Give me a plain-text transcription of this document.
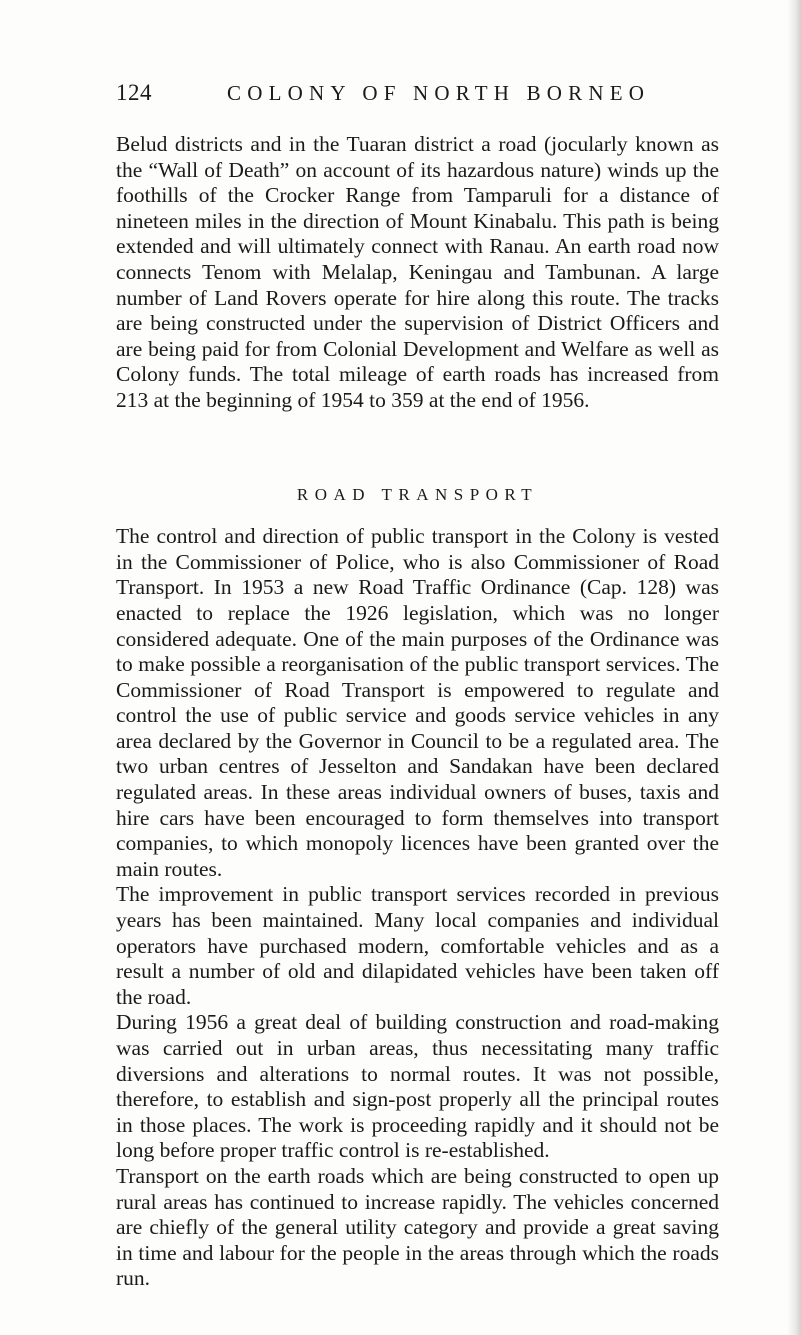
124	COLONY OF NORTH BORNEO

Belud districts and in the Tuaran district a road (jocularly known as the “Wall of Death” on account of its hazardous nature) winds up the foothills of the Crocker Range from Tamparuli for a distance of nineteen miles in the direction of Mount Kinabalu. This path is being extended and will ultimately connect with Ranau. An earth road now connects Tenom with Melalap, Keningau and Tambunan. A large number of Land Rovers operate for hire along this route. The tracks are being constructed under the supervision of District Officers and are being paid for from Colonial Development and Welfare as well as Colony funds. The total mileage of earth roads has increased from 213 at the beginning of 1954 to 359 at the end of 1956.

ROAD TRANSPORT

The control and direction of public transport in the Colony is vested in the Commissioner of Police, who is also Commissioner of Road Transport. In 1953 a new Road Traffic Ordinance (Cap. 128) was enacted to replace the 1926 legislation, which was no longer considered adequate. One of the main purposes of the Ordinance was to make possible a reorganisation of the public transport services. The Commissioner of Road Transport is empowered to regulate and control the use of public service and goods service vehicles in any area declared by the Governor in Council to be a regulated area. The two urban centres of Jesselton and Sandakan have been declared regulated areas. In these areas individual owners of buses, taxis and hire cars have been encouraged to form themselves into transport companies, to which monopoly licences have been granted over the main routes.

The improvement in public transport services recorded in previous years has been maintained. Many local companies and individual operators have purchased modern, comfortable vehicles and as a result a number of old and dilapidated vehicles have been taken off the road.

During 1956 a great deal of building construction and road-making was carried out in urban areas, thus necessitating many traffic diversions and alterations to normal routes. It was not possible, therefore, to establish and sign-post properly all the principal routes in those places. The work is proceeding rapidly and it should not be long before proper traffic control is re-established.

Transport on the earth roads which are being constructed to open up rural areas has continued to increase rapidly. The vehicles concerned are chiefly of the general utility category and provide a great saving in time and labour for the people in the areas through which the roads run.
